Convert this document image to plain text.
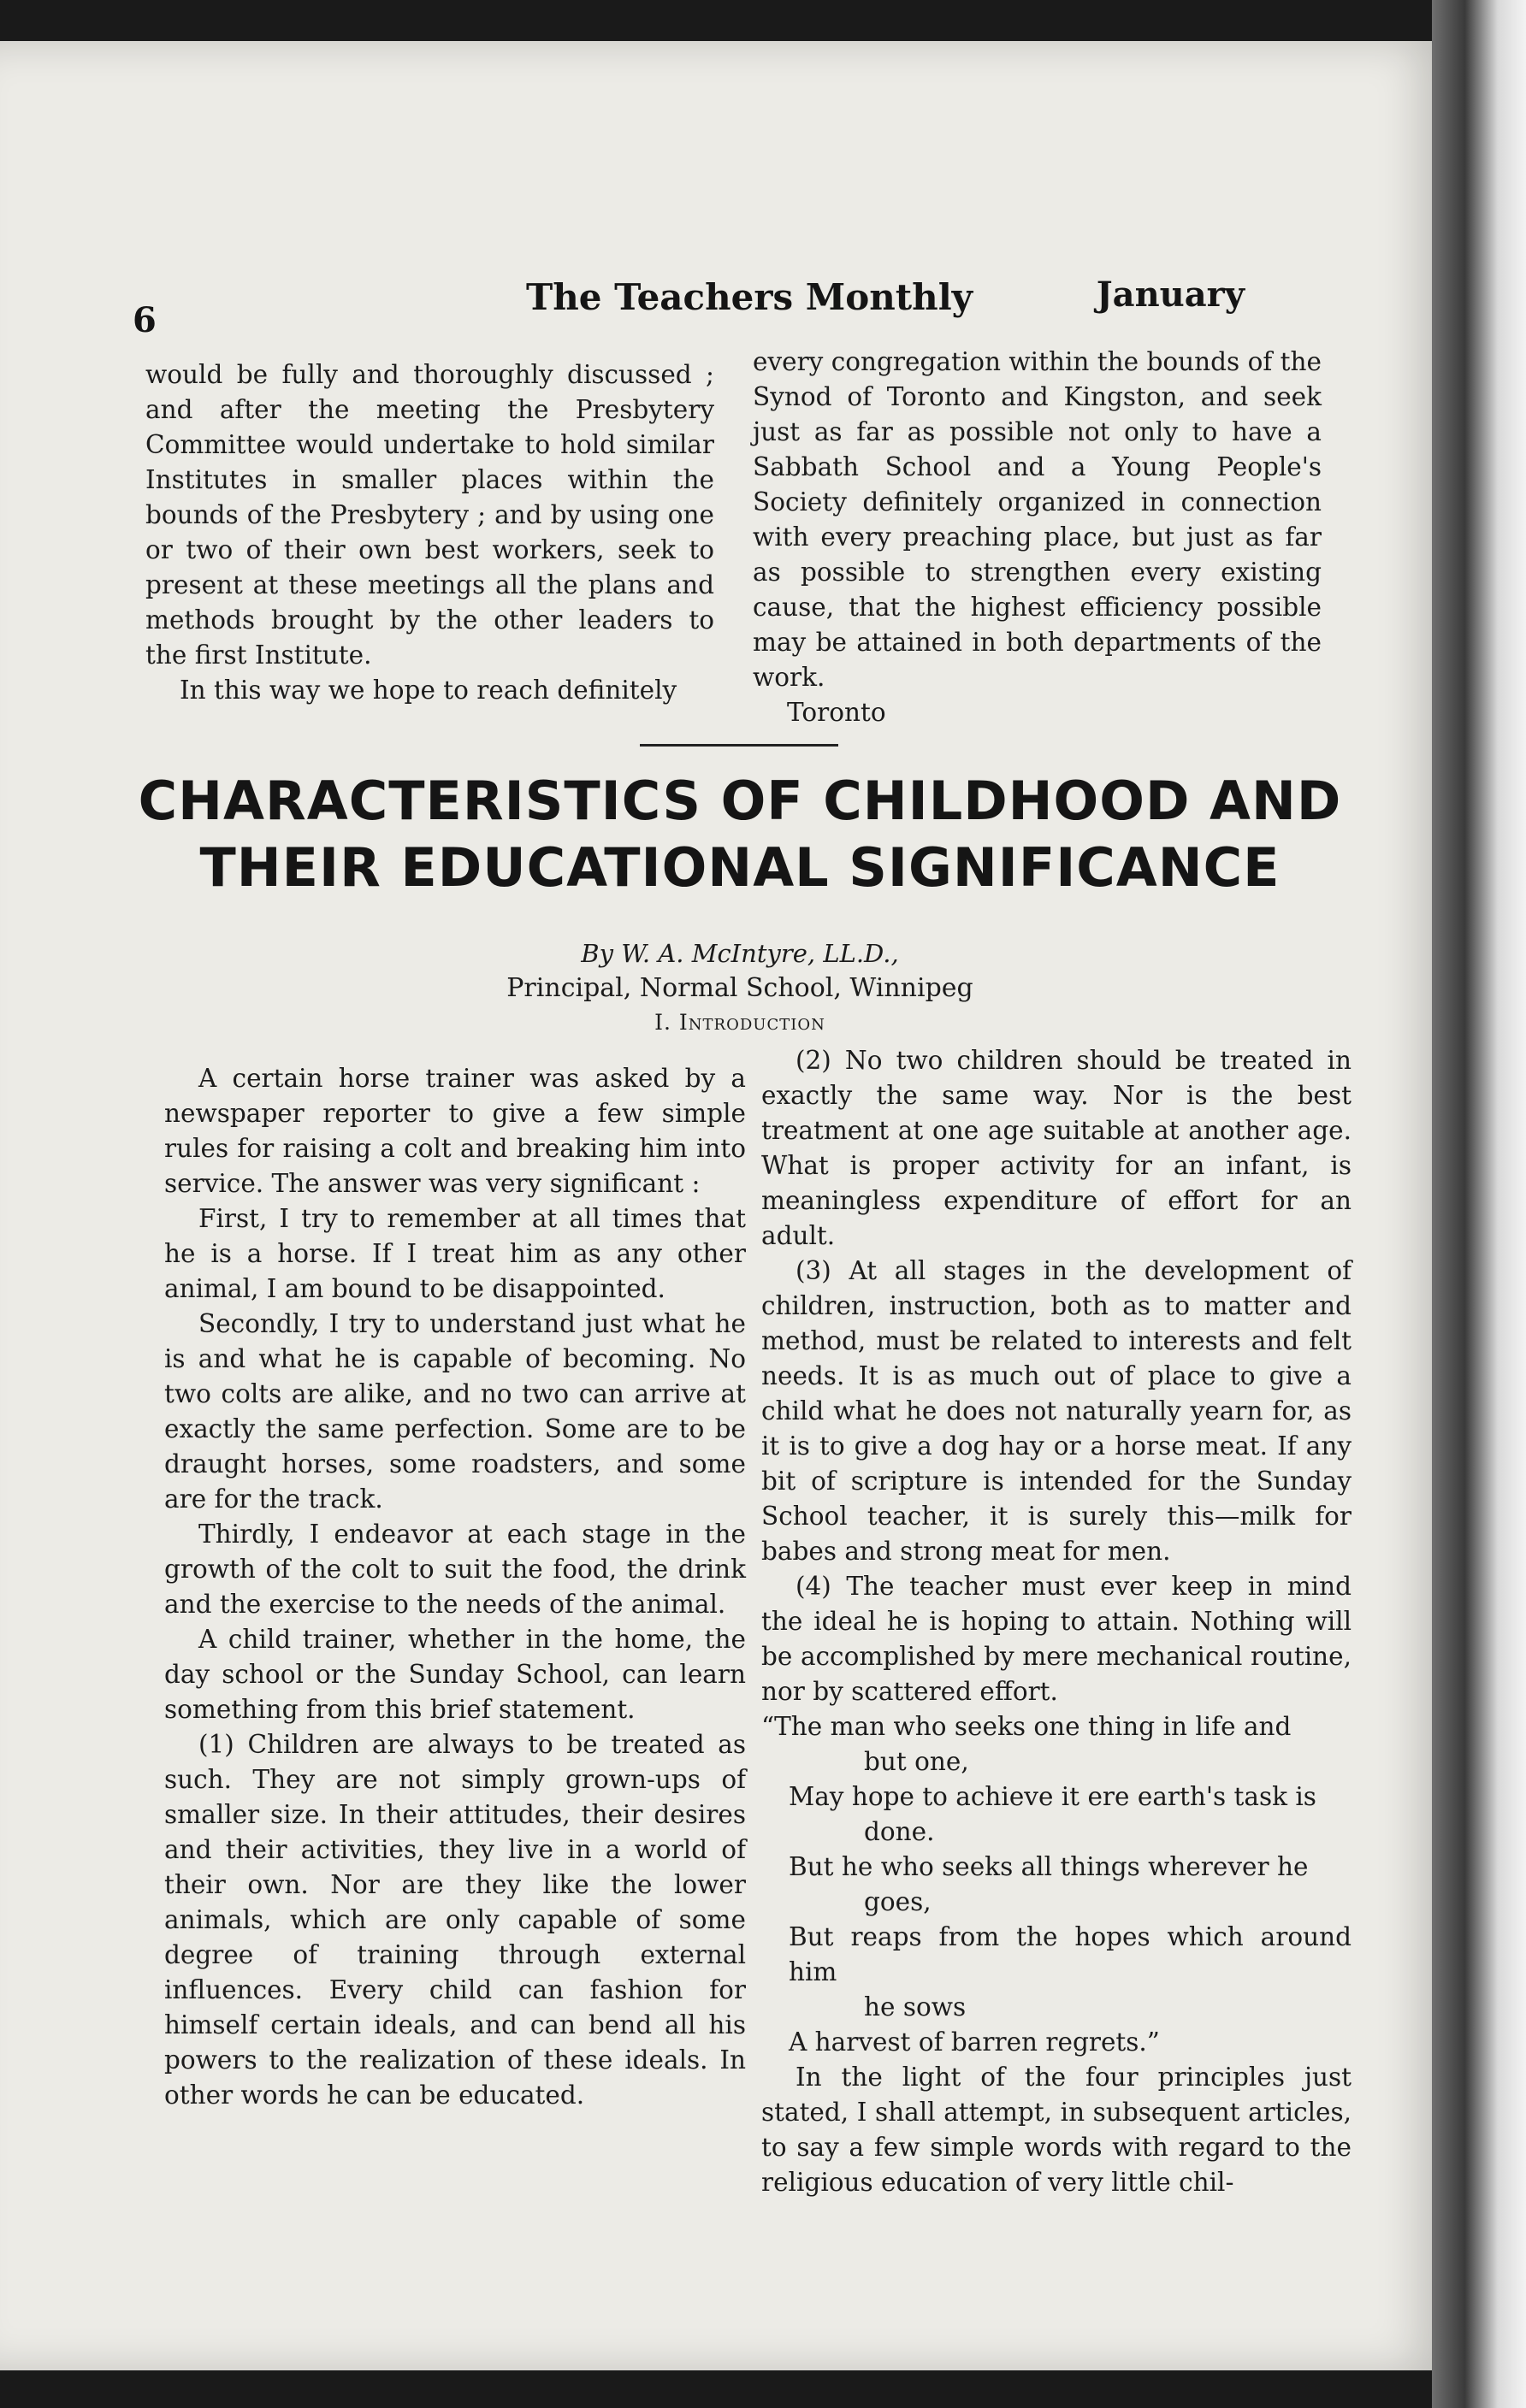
6
The Teachers Monthly	January

would be fully and thoroughly discussed ; and after the meeting the Presbytery Committee would undertake to hold similar Institutes in smaller places within the bounds of the Presbytery ; and by using one or two of their own best workers, seek to present at these meetings all the plans and methods brought by the other leaders to the first Institute.

In this way we hope to reach definitely

every congregation within the bounds of the Synod of Toronto and Kingston, and seek just as far as possible not only to have a Sabbath School and a Young People's Society definitely organized in connection with every preaching place, but just as far as possible to strengthen every existing cause, that the highest efficiency possible may be attained in both departments of the work.

Toronto

CHARACTERISTICS OF CHILDHOOD AND
THEIR EDUCATIONAL SIGNIFICANCE
By W. A. McIntyre, LL.D.,
Principal, Normal School, Winnipeg
I. Introduction

A certain horse trainer was asked by a newspaper reporter to give a few simple rules for raising a colt and breaking him into service. The answer was very significant :

First, I try to remember at all times that he is a horse. If I treat him as any other animal, I am bound to be disappointed.

Secondly, I try to understand just what he is and what he is capable of becoming. No two colts are alike, and no two can arrive at exactly the same perfection. Some are to be draught horses, some roadsters, and some are for the track.

Thirdly, I endeavor at each stage in the growth of the colt to suit the food, the drink and the exercise to the needs of the animal.

A child trainer, whether in the home, the day school or the Sunday School, can learn something from this brief statement.

(1) Children are always to be treated as such. They are not simply grown-ups of smaller size. In their attitudes, their desires and their activities, they live in a world of their own. Nor are they like the lower animals, which are only capable of some degree of training through external influences. Every child can fashion for himself certain ideals, and can bend all his powers to the realization of these ideals. In other words he can be educated.

(2) No two children should be treated in exactly the same way. Nor is the best treatment at one age suitable at another age. What is proper activity for an infant, is meaningless expenditure of effort for an adult.

(3) At all stages in the development of children, instruction, both as to matter and method, must be related to interests and felt needs. It is as much out of place to give a child what he does not naturally yearn for, as it is to give a dog hay or a horse meat. If any bit of scripture is intended for the Sunday School teacher, it is surely this—milk for babes and strong meat for men.

(4) The teacher must ever keep in mind the ideal he is hoping to attain. Nothing will be accomplished by mere mechanical routine, nor by scattered effort.

“The man who seeks one thing in life and
but one,
May hope to achieve it ere earth's task is
done.
But he who seeks all things wherever he
goes,
But reaps from the hopes which around him
he sows
A harvest of barren regrets.”

In the light of the four principles just stated, I shall attempt, in subsequent articles, to say a few simple words with regard to the religious education of very little chil-
